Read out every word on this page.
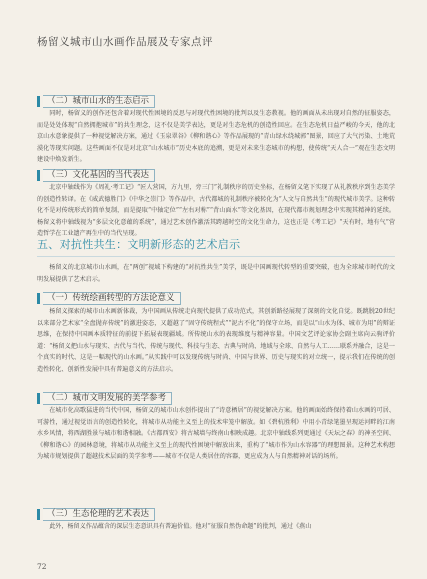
杨留义城市山水画作品展及专家点评
（二）城市山水的生态启示
同时，杨留义的创作还包含着对现代性困境的反思与对现代性困境的批判以及生态教视。他的画面从未出现对自然的征服姿态，而是处处体现“自然拥抱城市”的共生理念，这不仅是美学表达，更是对生态危机的创造性回应。在生态危机日益严峻的今天，他的北京山水意象提供了一种视觉解决方案，通过《玉泉翠谷》《柳和谐心》等作品展现的“青山绿水绕城郭”图景，回应了大气污染、土地荒漠化等现实问题。这些画面不仅是对北京“山水城市”历史本底的追溯，更是对未来生态城市的构想，使传统“天人合一”观在生态文明建设中焕发新生。
（三）文化基因的当代表达
北京中轴线作为《周礼·考工记》“匠人营国，方九里，旁三门”礼制秩序的历史坐标，在杨留义笔下实现了从礼教秩序到生态美学的创造性转译。在《威武德胜门》《中华之崇门》等作品中，古代都城的礼制秩序被转化为“人文与自然共生”的现代城市美学。这种转化不是对传统形式的简单复制，而是提取“中轴定位”“左右对称”“背山面水”等文化基因，在现代都市规划理念中实现其精神的延续。杨留义将中轴线视为“多层文化意蕴的系统”，通过艺术创作激活其跨越时空的文化生命力，这也正是《考工记》“天有时，地有气”营造哲学在工业遗产再生中的当代呈现。
五、对抗性共生：文明新形态的艺术启示
杨留义的北京城市山水画，在“两创”视域下构建的“对抗性共生”美学，既是中国画现代转型的重要突破，也为全球城市时代的文明发展提供了艺术启示。
（一）传统绘画转型的方法论意义
杨留义探索的城市山水画新体裁，为中国画从传统走向现代提供了成功范式，其创新路径展现了深刻的文化自觉。既跳脱20世纪以来部分艺术家“全盘抛弃传统”的激进姿态，又超越了“固守传统程式”“泥古不化”的保守立场，而是以“山水为体、城市为用”的辩证思维，在保持中国画本质特征的前提下拓展表现疆域。所传统山水的表现维度与精神容量。中国文艺评论家协会副主席向云驹评价道：“杨留义把山水与现实、古代与当代、传统与现代、科技与生态、古典与时尚、地域与全球、自然与人工……联系并融合，这是一个真实的时代、这是一幅现代的山水画。”从实践中可以发现传统与时尚、中国与世界、历史与现实的对立统一，提示我们在传统的创造性转化、创新性发展中具有普遍意义的方法启示。
（二）城市文明发展的美学参考
在城市化高歌猛进的当代中国，杨留义的城市山水创作提出了“诗意栖居”的视觉解决方案。他的画面始终保持着山水画的可居、可游性，通过视觉语言的创造性转化，将城市从功能主义至上的技术牢笼中解放。如《碧杭胜利》中用小青绿笔墨呈现运河畔的江南水乡风情，将西湖胜景与城市和谐相融。《古都西安》将古城墙与终南山相映成趣。北京中轴线系列更通过《天坛之春》的神圣空间、《柳和谐心》的园林意境，将城市从功能主义至上的现代性困境中解放出来，重构了“城市作为山水容器”的理想图景。这种艺术构想为城市规划提供了超越技术层面的美学参考——城市不仅是人类居住的容器，更应成为人与自然精神对话的场所。
（三）生态伦理的艺术表达
此外，杨留义作品蕴含的深层生态意识具有普遍价值。他对“征服自然伪命题”的批判，通过《燕山
72
